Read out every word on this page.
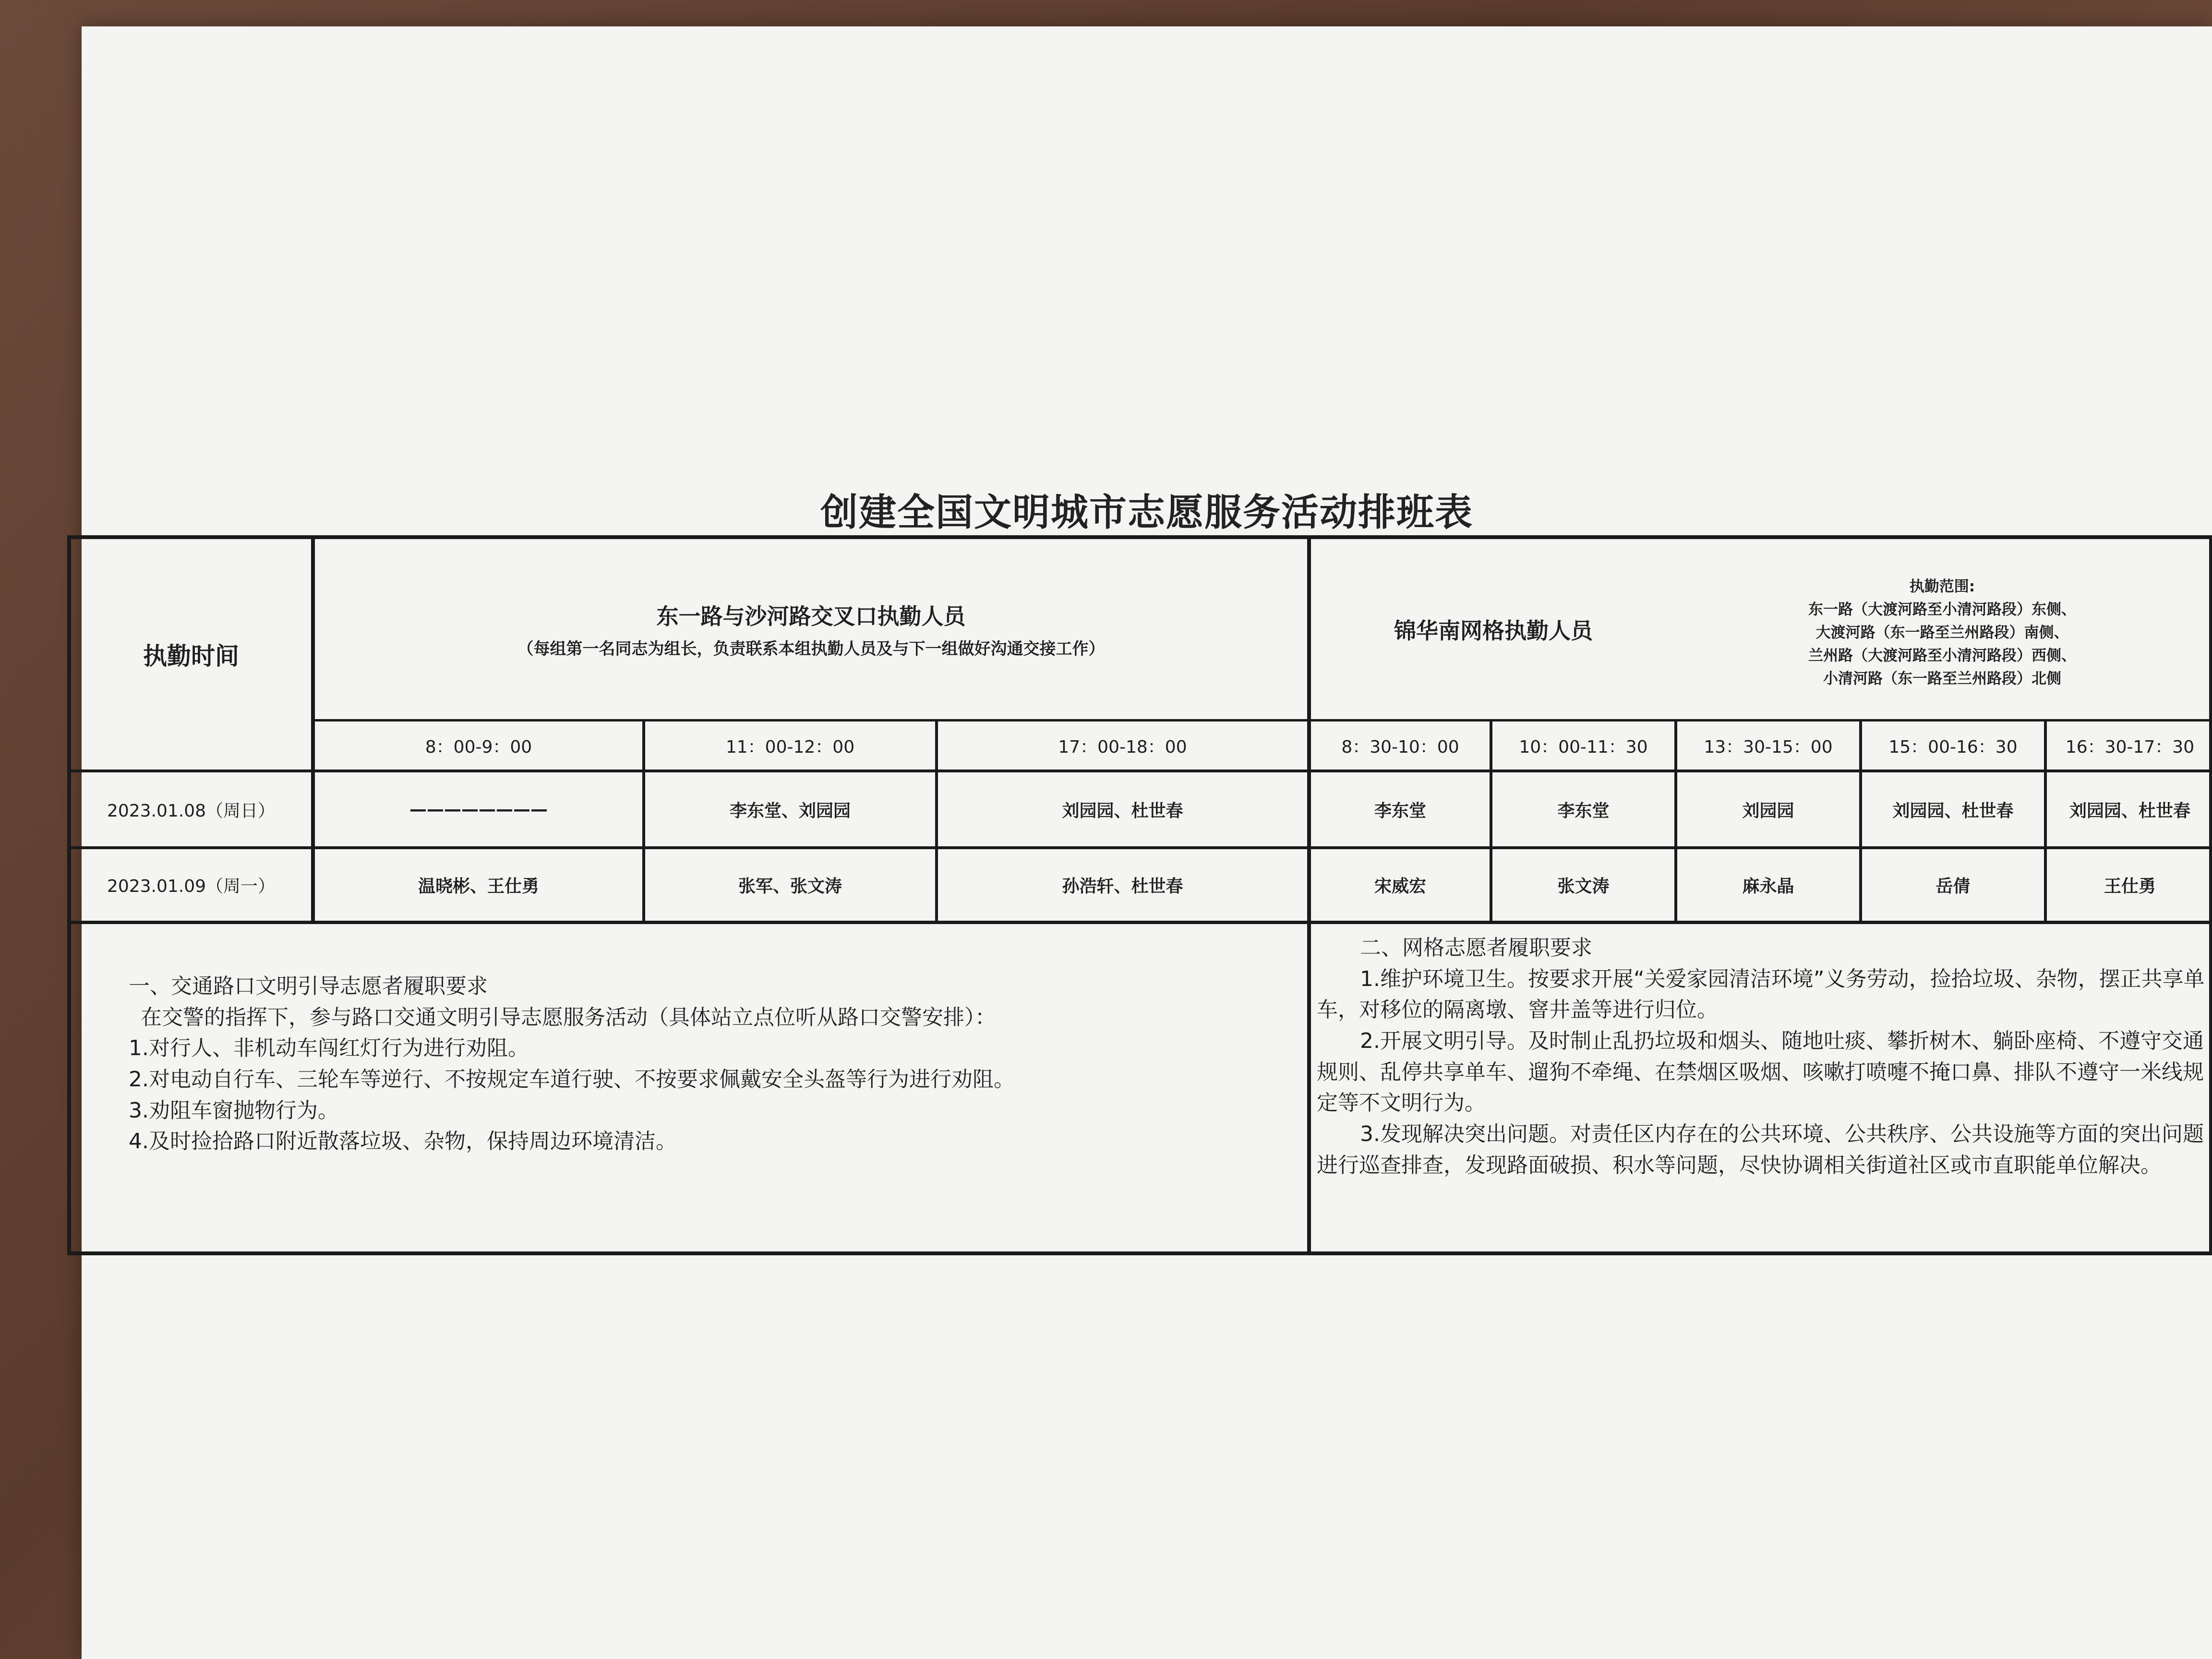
创建全国文明城市志愿服务活动排班表
执勤时间
东一路与沙河路交叉口执勤人员
（每组第一名同志为组长，负责联系本组执勤人员及与下一组做好沟通交接工作）
锦华南网格执勤人员
执勤范围:
东一路（大渡河路至小清河路段）东侧、
大渡河路（东一路至兰州路段）南侧、
兰州路（大渡河路至小清河路段）西侧、
小清河路（东一路至兰州路段）北侧
8：00-9：00	11：00-12：00	17：00-18：00	8：30-10：00	10：00-11：30	13：30-15：00	15：00-16：30	16：30-17：30
2023.01.08（周日）	————————	李东堂、刘园园	刘园园、杜世春	李东堂	李东堂	刘园园	刘园园、杜世春	刘园园、杜世春
2023.01.09（周一）	温晓彬、王仕勇	张军、张文涛	孙浩轩、杜世春	宋威宏	张文涛	麻永晶	岳倩	王仕勇

一、交通路口文明引导志愿者履职要求

在交警的指挥下，参与路口交通文明引导志愿服务活动（具体站立点位听从路口交警安排）：

1.对行人、非机动车闯红灯行为进行劝阻。

2.对电动自行车、三轮车等逆行、不按规定车道行驶、不按要求佩戴安全头盔等行为进行劝阻。

3.劝阻车窗抛物行为。

4.及时捡拾路口附近散落垃圾、杂物，保持周边环境清洁。

二、网格志愿者履职要求

1.维护环境卫生。按要求开展“关爱家园清洁环境”义务劳动，捡拾垃圾、杂物，摆正共享单车，对移位的隔离墩、窨井盖等进行归位。

2.开展文明引导。及时制止乱扔垃圾和烟头、随地吐痰、攀折树木、躺卧座椅、不遵守交通规则、乱停共享单车、遛狗不牵绳、在禁烟区吸烟、咳嗽打喷嚏不掩口鼻、排队不遵守一米线规定等不文明行为。

3.发现解决突出问题。对责任区内存在的公共环境、公共秩序、公共设施等方面的突出问题进行巡查排查，发现路面破损、积水等问题，尽快协调相关街道社区或市直职能单位解决。
